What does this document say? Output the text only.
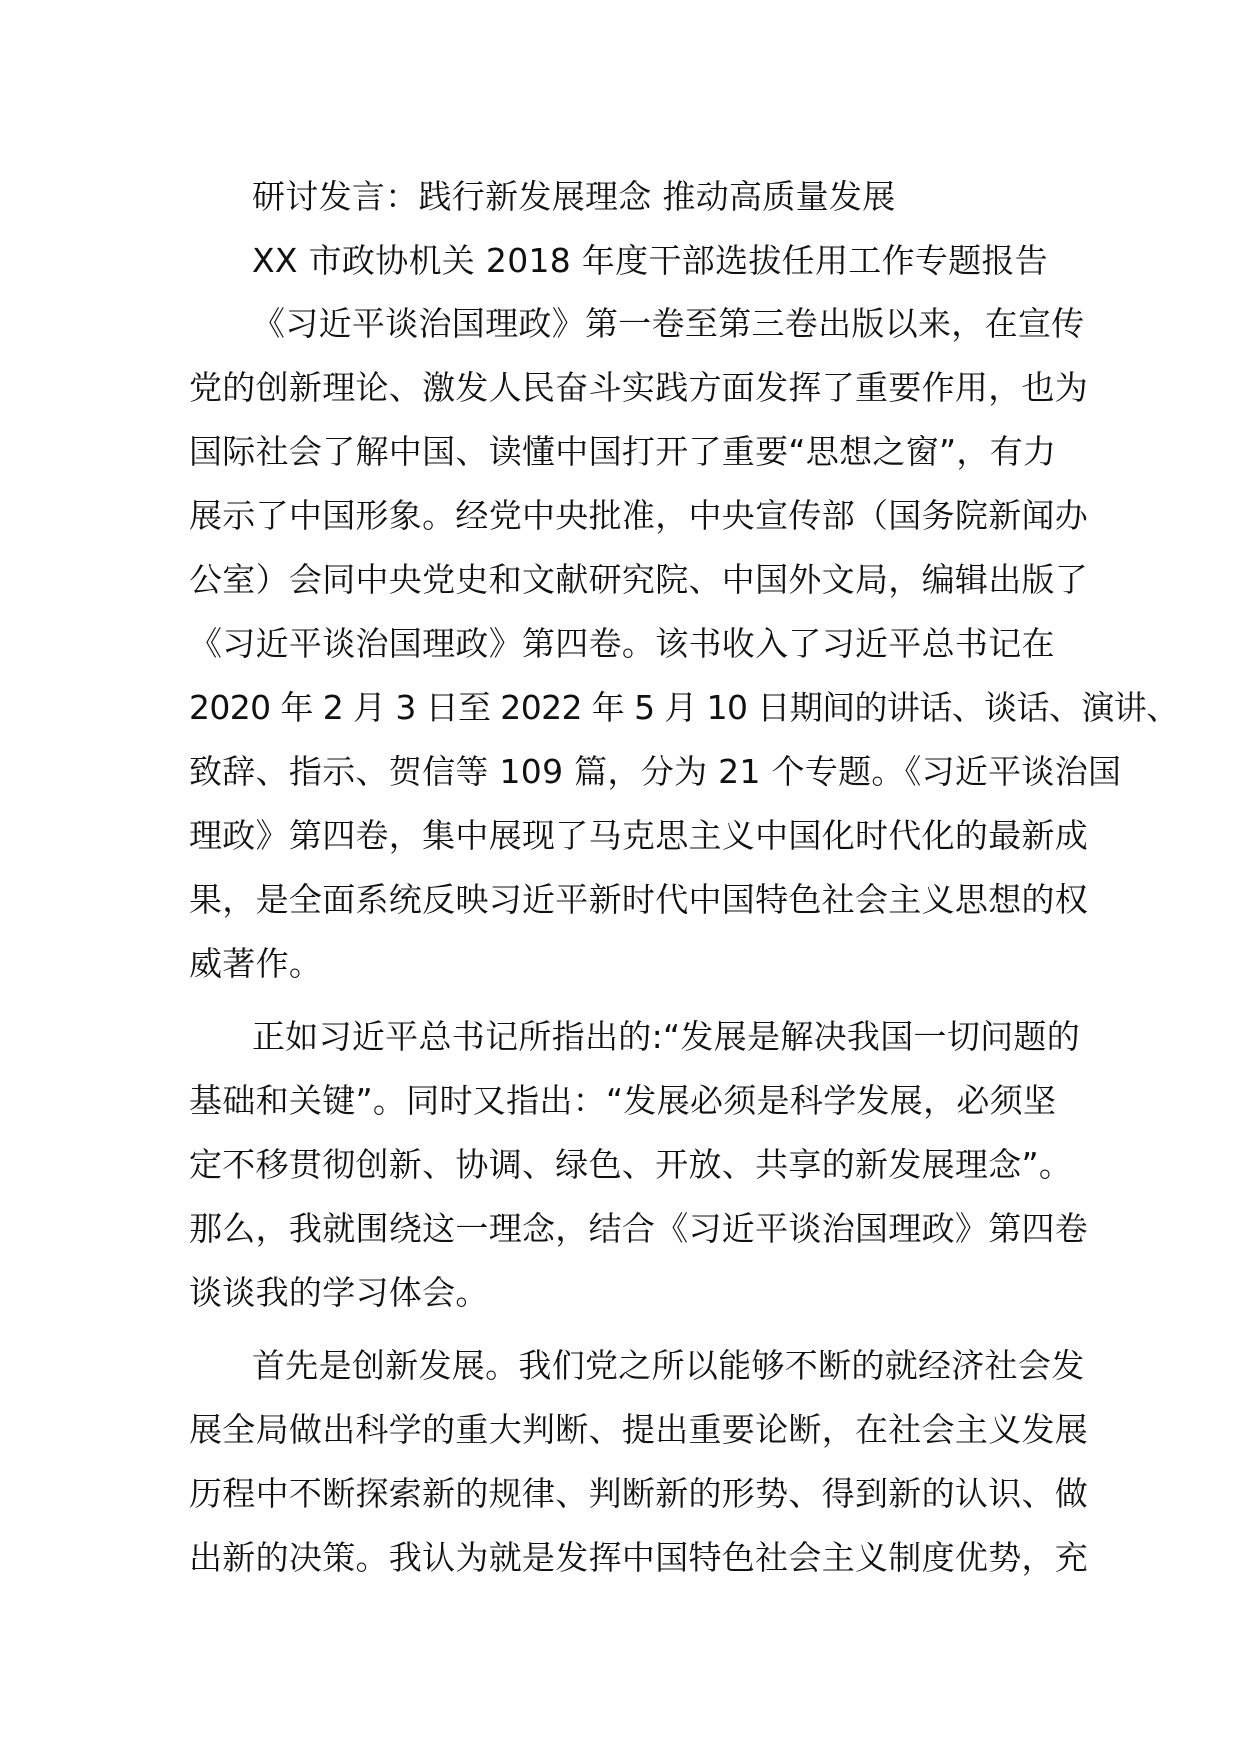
研讨发言：践行新发展理念 推动高质量发展
XX 市政协机关 2018 年度干部选拔任用工作专题报告
《习近平谈治国理政》第一卷至第三卷出版以来，在宣传
党的创新理论、激发人民奋斗实践方面发挥了重要作用，也为
国际社会了解中国、读懂中国打开了重要“思想之窗”，有力
展示了中国形象。经党中央批准，中央宣传部（国务院新闻办
公室）会同中央党史和文献研究院、中国外文局，编辑出版了
《习近平谈治国理政》第四卷。该书收入了习近平总书记在
2020 年 2 月 3 日至 2022 年 5 月 10 日期间的讲话、谈话、演讲、
致辞、指示、贺信等 109 篇，分为 21 个专题。《习近平谈治国
理政》第四卷，集中展现了马克思主义中国化时代化的最新成
果，是全面系统反映习近平新时代中国特色社会主义思想的权
威著作。
正如习近平总书记所指出的:“发展是解决我国一切问题的
基础和关键”。同时又指出：“发展必须是科学发展，必须坚
定不移贯彻创新、协调、绿色、开放、共享的新发展理念”。
那么，我就围绕这一理念，结合《习近平谈治国理政》第四卷
谈谈我的学习体会。
首先是创新发展。我们党之所以能够不断的就经济社会发
展全局做出科学的重大判断、提出重要论断，在社会主义发展
历程中不断探索新的规律、判断新的形势、得到新的认识、做
出新的决策。我认为就是发挥中国特色社会主义制度优势，充
